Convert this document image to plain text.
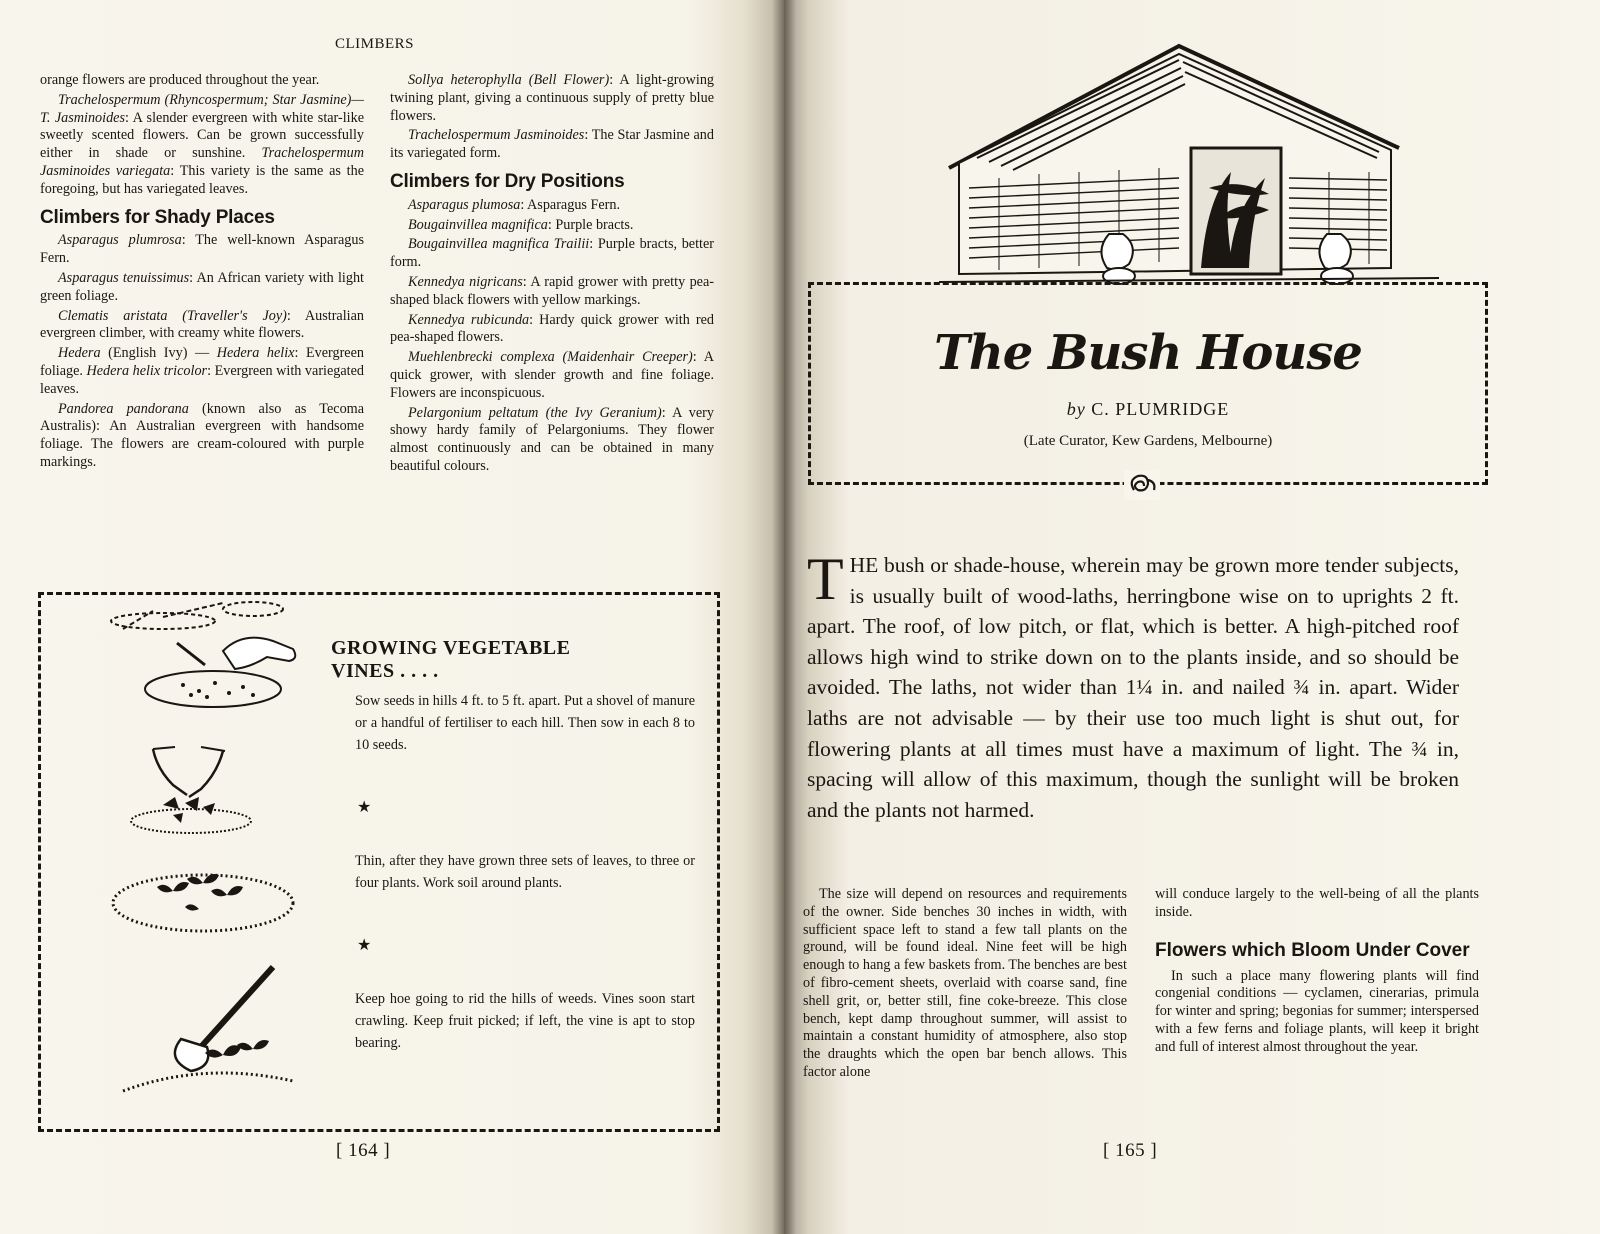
CLIMBERS

orange flowers are produced throughout the year.

Trachelospermum (Rhyncospermum; Star Jasmine)—T. Jasminoides: A slender evergreen with white star-like sweetly scented flowers. Can be grown successfully either in shade or sunshine. Trachelospermum Jasminoides variegata: This variety is the same as the foregoing, but has variegated leaves.

Climbers for Shady Places

Asparagus plumrosa: The well-known Asparagus Fern.

Asparagus tenuissimus: An African variety with light green foliage.

Clematis aristata (Traveller's Joy): Australian evergreen climber, with creamy white flowers.

Hedera (English Ivy) — Hedera helix: Evergreen foliage. Hedera helix tricolor: Evergreen with variegated leaves.

Pandorea pandorana (known also as Tecoma Australis): An Australian evergreen with handsome foliage. The flowers are cream-coloured with purple markings.

Sollya heterophylla (Bell Flower): A light-growing twining plant, giving a continuous supply of pretty blue flowers.

Trachelospermum Jasminoides: The Star Jasmine and its variegated form.

Climbers for Dry Positions

Asparagus plumosa: Asparagus Fern.

Bougainvillea magnifica: Purple bracts.

Bougainvillea magnifica Trailii: Purple bracts, better form.

Kennedya nigricans: A rapid grower with pretty pea-shaped black flowers with yellow markings.

Kennedya rubicunda: Hardy quick grower with red pea-shaped flowers.

Muehlenbrecki complexa (Maidenhair Creeper): A quick grower, with slender growth and fine foliage. Flowers are inconspicuous.

Pelargonium peltatum (the Ivy Geranium): A very showy hardy family of Pelargoniums. They flower almost continuously and can be obtained in many beautiful colours.

GROWING VEGETABLE
VINES . . . .
Sow seeds in hills 4 ft. to 5 ft. apart. Put a shovel of manure or a handful of fertiliser to each hill. Then sow in each 8 to 10 seeds.
★
Thin, after they have grown three sets of leaves, to three or four plants. Work soil around plants.
★
Keep hoe going to rid the hills of weeds. Vines soon start crawling. Keep fruit picked; if left, the vine is apt to stop bearing.
[ 164 ]
The Bush House
by C. PLUMRIDGE
(Late Curator, Kew Gardens, Melbourne)
THE bush or shade-house, wherein may be grown more tender subjects, is usually built of wood-laths, herringbone wise on to uprights 2 ft. apart. The roof, of low pitch, or flat, which is better. A high-pitched roof allows high wind to strike down on to the plants inside, and so should be avoided. The laths, not wider than 1¼ in. and nailed ¾ in. apart. Wider laths are not advisable — by their use too much light is shut out, for flowering plants at all times must have a maximum of light. The ¾ in, spacing will allow of this maximum, though the sunlight will be broken and the plants not harmed.

The size will depend on resources and requirements of the owner. Side benches 30 inches in width, with sufficient space left to stand a few tall plants on the ground, will be found ideal. Nine feet will be high enough to hang a few baskets from. The benches are best of fibro-cement sheets, overlaid with coarse sand, fine shell grit, or, better still, fine coke-breeze. This close bench, kept damp throughout summer, will assist to maintain a constant humidity of atmosphere, also stop the draughts which the open bar bench allows. This factor alone

will conduce largely to the well-being of all the plants inside.

Flowers which Bloom Under Cover

In such a place many flowering plants will find congenial conditions — cyclamen, cinerarias, primula for winter and spring; begonias for summer; interspersed with a few ferns and foliage plants, will keep it bright and full of interest almost throughout the year.

[ 165 ]
